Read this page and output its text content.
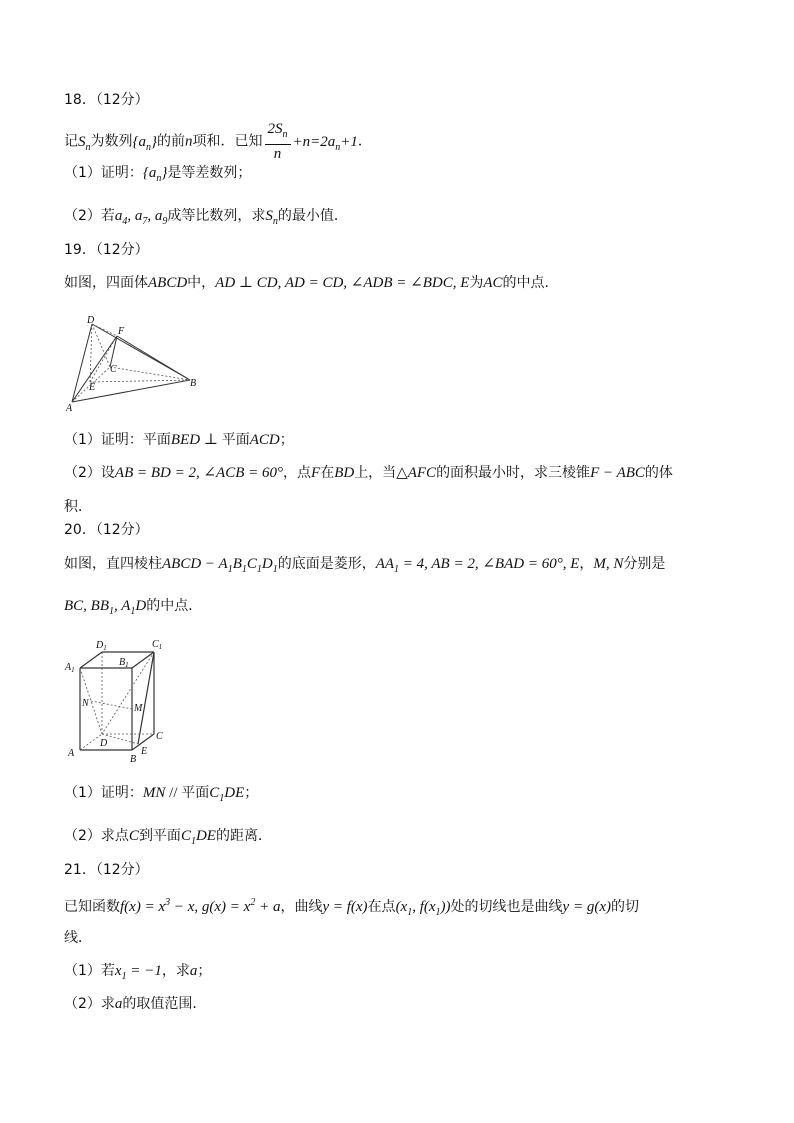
18．（12分）
记$S_n$为数列$\{a_n\}$的前n项和．已知 $\frac{2S_n}{n} +n=2a_n+1$．
（1）证明：$\{a_n\}$是等差数列；
（2）若$a_4$, $a_7$, $a_9$成等比数列，求$S_n$的最小值．
19．（12分）
如图，四面体ABCD中，AD ⊥ CD, AD = CD, ∠ADB = ∠BDC, E为AC的中点．
D
F
C
E	B
A
（1）证明：平面BED ⊥ 平面ACD；
（2）设AB = BD = 2, ∠ACB = 60°，点F在BD上，当△AFC的面积最小时，求三棱锥F − ABC的体
积．
20．（12分）
如图，直四棱柱ABCD − $A_1B_1C_1D_1$的底面是菱形，$AA_1 = 4$, AB = 2, ∠BAD = 60°, E，M, N分别是
BC, $BB_1$, $A_1D$的中点．
$D_1$	$C_1$
$A_1$
$B_1$
N	M
D
C
E
A
B
（1）证明：MN // 平面$C_1DE$；
（2）求点C到平面$C_1DE$的距离．
21．（12分）
已知函数$f(x) = x^3 - x$, $g(x) = x^2 + a$，曲线y = f(x)在点($x_1$, $f(x_1)$)处的切线也是曲线y = g(x)的切
线．
（1）若$x_1 = -1$，求a；
（2）求a的取值范围．
